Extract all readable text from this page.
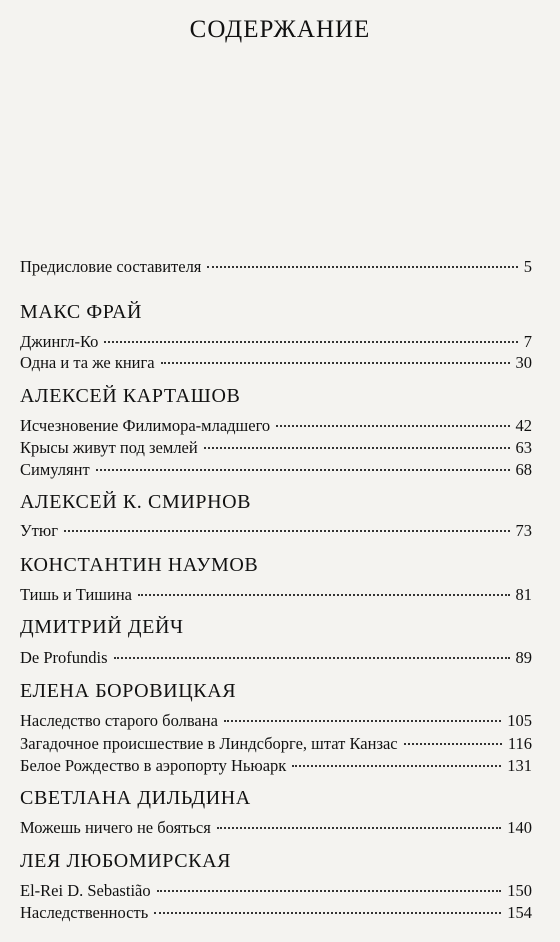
СОДЕРЖАНИЕ
Предисловие составителя	5
МАКС ФРАЙ
Джингл-Ко	7
Одна и та же книга	30
АЛЕКСЕЙ КАРТАШОВ
Исчезновение Филимора-младшего	42
Крысы живут под землей	63
Симулянт	68
АЛЕКСЕЙ К. СМИРНОВ
Утюг	73
КОНСТАНТИН НАУМОВ
Тишь и Тишина	81
ДМИТРИЙ ДЕЙЧ
De Profundis	89
ЕЛЕНА БОРОВИЦКАЯ
Наследство старого болвана	105
Загадочное происшествие в Линдсборге, штат Канзас	116
Белое Рождество в аэропорту Ньюарк	131
СВЕТЛАНА ДИЛЬДИНА
Можешь ничего не бояться	140
ЛЕЯ ЛЮБОМИРСКАЯ
El-Rei D. Sebastião	150
Наследственность	154
